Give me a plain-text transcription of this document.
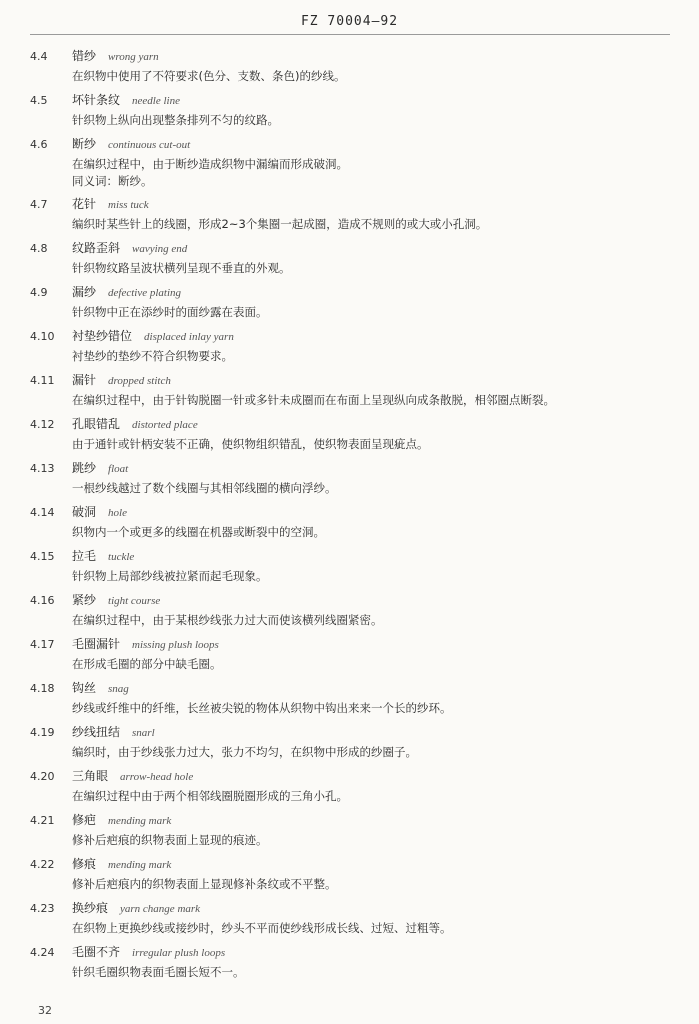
FZ 70004—92
4.4 错纱 wrong yarn
在织物中使用了不符要求(色分、支数、条色)的纱线。
4.5 坏针条纹 needle line
针织物上纵向出现整条排列不匀的纹路。
4.6 断纱 continuous cut-out
在编织过程中，由于断纱造成织物中漏编而形成破洞。
同义词：断纱。
4.7 花针 miss tuck
编织时某些针上的线圈，形成2~3个集圈一起成圈，造成不规则的或大或小孔洞。
4.8 纹路歪斜 wavying end
针织物纹路呈波状横列呈现不垂直的外观。
4.9 漏纱 defective plating
针织物中正在添纱时的面纱露在表面。
4.10 衬垫纱错位 displaced inlay yarn
衬垫纱的垫纱不符合织物要求。
4.11 漏针 dropped stitch
在编织过程中，由于针钩脱圈一针或多针未成圈而在布面上呈现纵向成条散脱，相邻圈点断裂。
4.12 孔眼错乱 distorted place
由于通针或针柄安装不正确，使织物组织错乱，使织物表面呈现疵点。
4.13 跳纱 float
一根纱线越过了数个线圈与其相邻线圈的横向浮纱。
4.14 破洞 hole
织物内一个或更多的线圈在机器或断裂中的空洞。
4.15 拉毛 tuckle
针织物上局部纱线被拉紧而起毛现象。
4.16 紧纱 tight course
在编织过程中，由于某根纱线张力过大而使该横列线圈紧密。
4.17 毛圈漏针 missing plush loops
在形成毛圈的部分中缺毛圈。
4.18 钩丝 snag
纱线或纤维中的纤维，长丝被尖锐的物体从织物中钩出来来一个长的纱环。
4.19 纱线扭结 snarl
编织时，由于纱线张力过大，张力不均匀，在织物中形成的纱圈子。
4.20 三角眼 arrow-head hole
在编织过程中由于两个相邻线圈脱圈形成的三角小孔。
4.21 修疤 mending mark
修补后疤痕的织物表面上显现的痕迹。
4.22 修痕 mending mark
修补后疤痕内的织物表面上显现修补条纹或不平整。
4.23 换纱痕 yarn change mark
在织物上更换纱线或接纱时，纱头不平而使纱线形成长线、过短、过粗等。
4.24 毛圈不齐 irregular plush loops
针织毛圈织物表面毛圈长短不一。
32
